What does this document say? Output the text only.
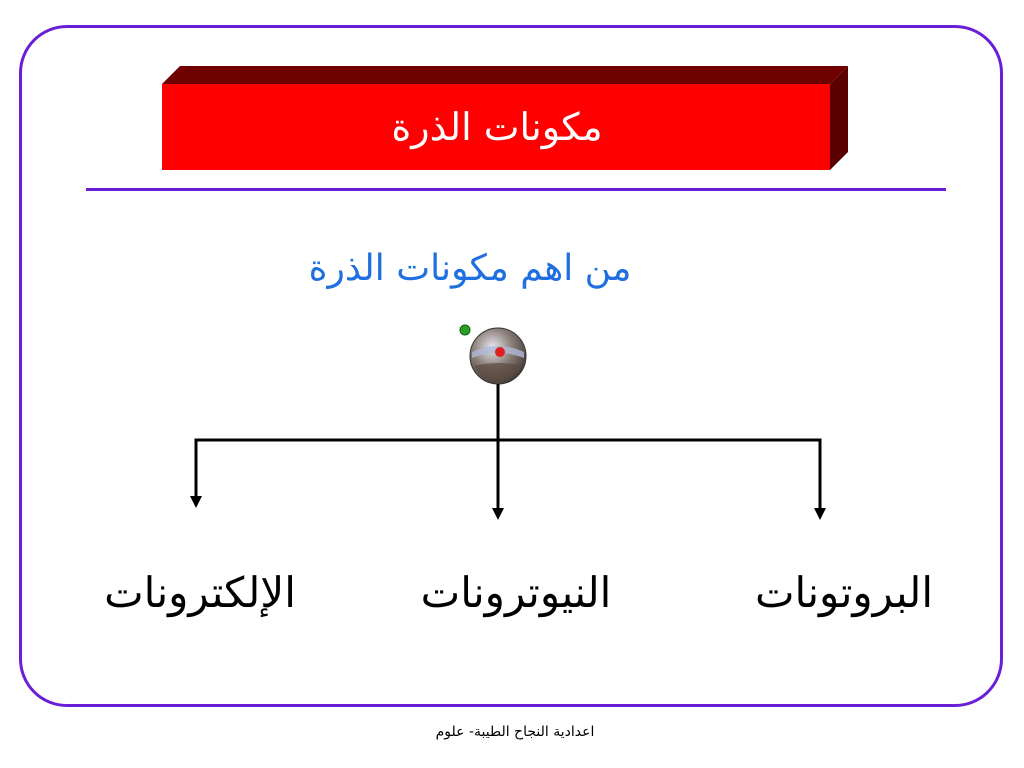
مكونات الذرة
من اهم مكونات الذرة
الإلكترونات	النيوترونات	البروتونات
اعدادية النجاح الطيبة- علوم
